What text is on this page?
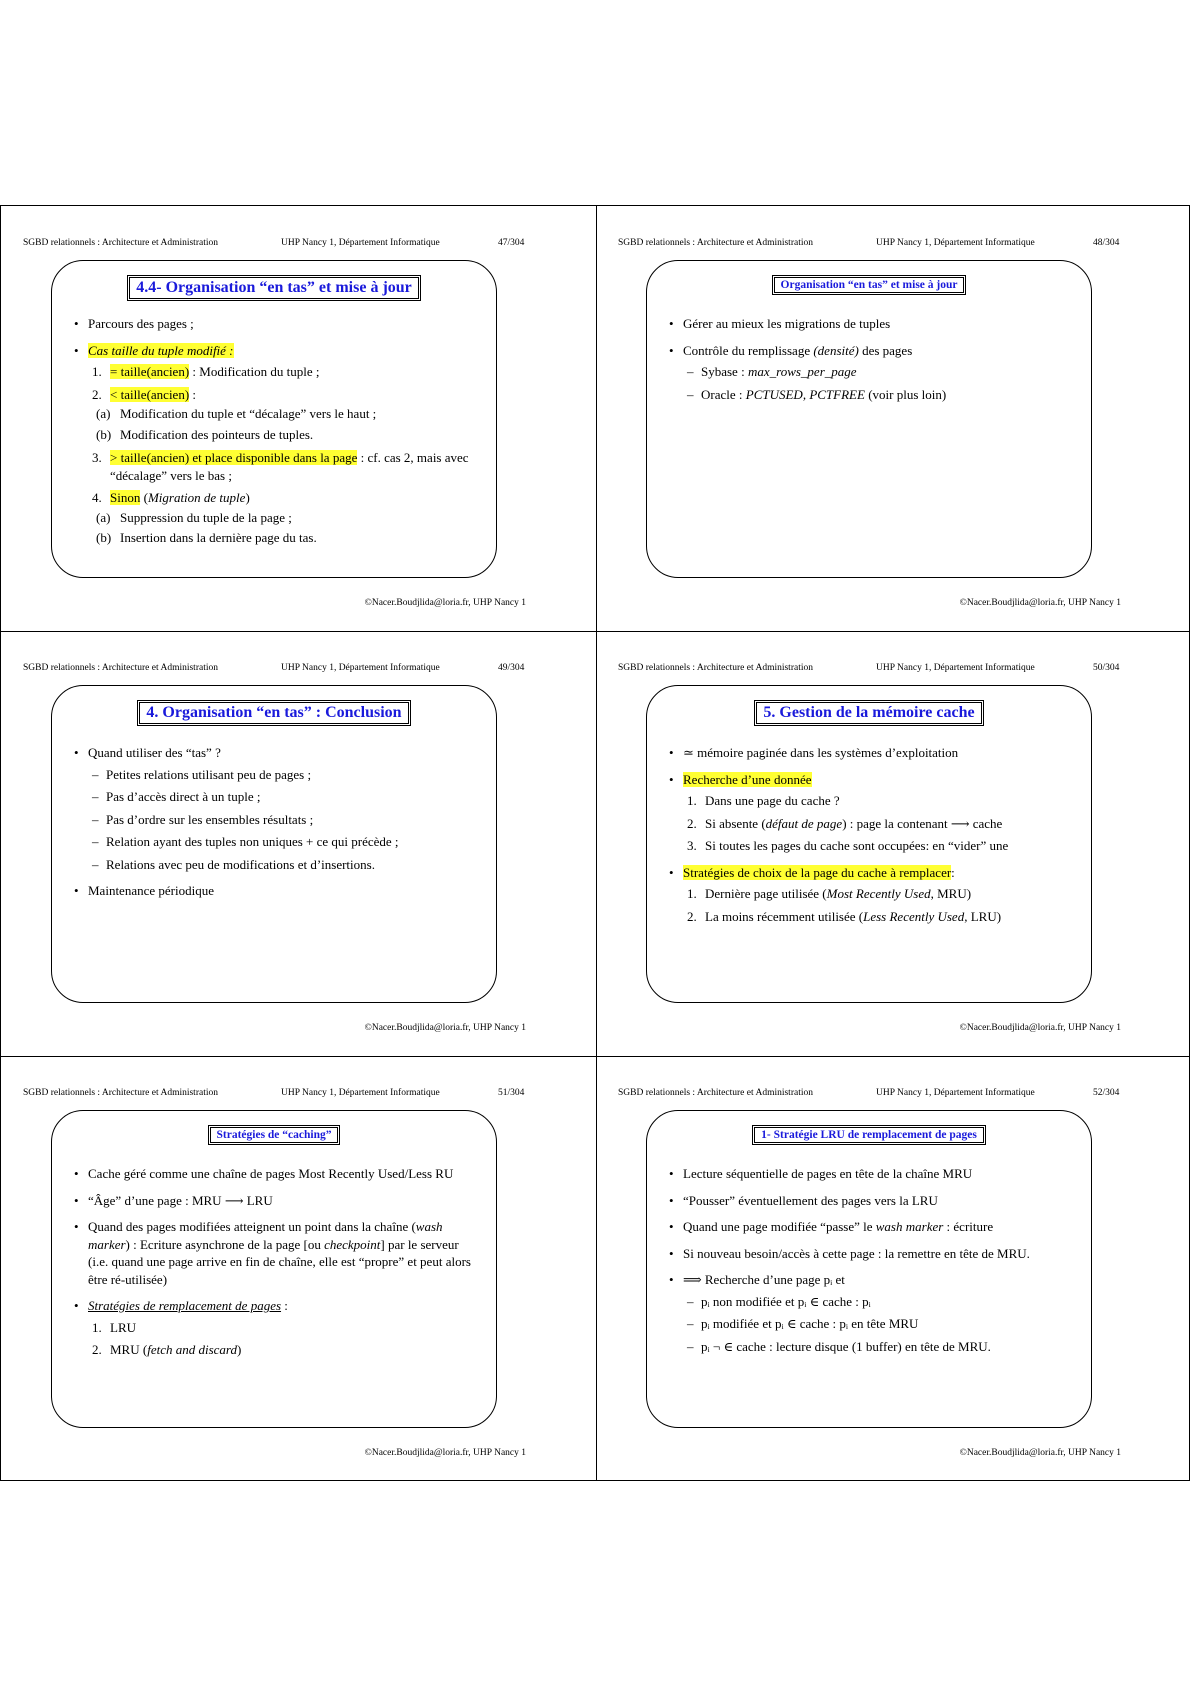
SGBD relationnels : Architecture et Administration	UHP Nancy 1, Département Informatique	47/304
4.4- Organisation “en tas” et mise à jour
• Parcours des pages ;
• Cas taille du tuple modifié :
1. = taille(ancien) : Modification du tuple ;
2. < taille(ancien) :
(a) Modification du tuple et “décalage” vers le haut ;
(b) Modification des pointeurs de tuples.
3. > taille(ancien) et place disponible dans la page : cf. cas 2, mais avec “décalage” vers le bas ;
4. Sinon (Migration de tuple)
(a) Suppression du tuple de la page ;
(b) Insertion dans la dernière page du tas.
©Nacer.Boudjlida@loria.fr, UHP Nancy 1
SGBD relationnels : Architecture et Administration	UHP Nancy 1, Département Informatique	48/304
Organisation “en tas” et mise à jour
• Gérer au mieux les migrations de tuples
• Contrôle du remplissage (densité) des pages
– Sybase : max_rows_per_page
– Oracle : PCTUSED, PCTFREE (voir plus loin)
©Nacer.Boudjlida@loria.fr, UHP Nancy 1
SGBD relationnels : Architecture et Administration	UHP Nancy 1, Département Informatique	49/304
4. Organisation “en tas” : Conclusion
• Quand utiliser des “tas” ?
– Petites relations utilisant peu de pages ;
– Pas d’accès direct à un tuple ;
– Pas d’ordre sur les ensembles résultats ;
– Relation ayant des tuples non uniques + ce qui précède ;
– Relations avec peu de modifications et d’insertions.
• Maintenance périodique
©Nacer.Boudjlida@loria.fr, UHP Nancy 1
SGBD relationnels : Architecture et Administration	UHP Nancy 1, Département Informatique	50/304
5. Gestion de la mémoire cache
• ≃ mémoire paginée dans les systèmes d’exploitation
• Recherche d’une donnée
1. Dans une page du cache ?
2. Si absente (défaut de page) : page la contenant ⟶ cache
3. Si toutes les pages du cache sont occupées: en “vider” une
• Stratégies de choix de la page du cache à remplacer:
1. Dernière page utilisée (Most Recently Used, MRU)
2. La moins récemment utilisée (Less Recently Used, LRU)
©Nacer.Boudjlida@loria.fr, UHP Nancy 1
SGBD relationnels : Architecture et Administration	UHP Nancy 1, Département Informatique	51/304
Stratégies de “caching”
• Cache géré comme une chaîne de pages Most Recently Used/Less RU
• “Âge” d’une page : MRU ⟶ LRU
• Quand des pages modifiées atteignent un point dans la chaîne (wash marker) : Ecriture asynchrone de la page [ou checkpoint] par le serveur (i.e. quand une page arrive en fin de chaîne, elle est “propre” et peut alors être ré-utilisée)
• Stratégies de remplacement de pages :
1. LRU
2. MRU (fetch and discard)
©Nacer.Boudjlida@loria.fr, UHP Nancy 1
SGBD relationnels : Architecture et Administration	UHP Nancy 1, Département Informatique	52/304
1- Stratégie LRU de remplacement de pages
• Lecture séquentielle de pages en tête de la chaîne MRU
• “Pousser” éventuellement des pages vers la LRU
• Quand une page modifiée “passe” le wash marker : écriture
• Si nouveau besoin/accès à cette page : la remettre en tête de MRU.
• ⟹ Recherche d’une page pᵢ et
– pᵢ non modifiée et pᵢ ∈ cache : pᵢ
– pᵢ modifiée et pᵢ ∈ cache : pᵢ en tête MRU
– pᵢ ¬ ∈ cache : lecture disque (1 buffer) en tête de MRU.
©Nacer.Boudjlida@loria.fr, UHP Nancy 1
